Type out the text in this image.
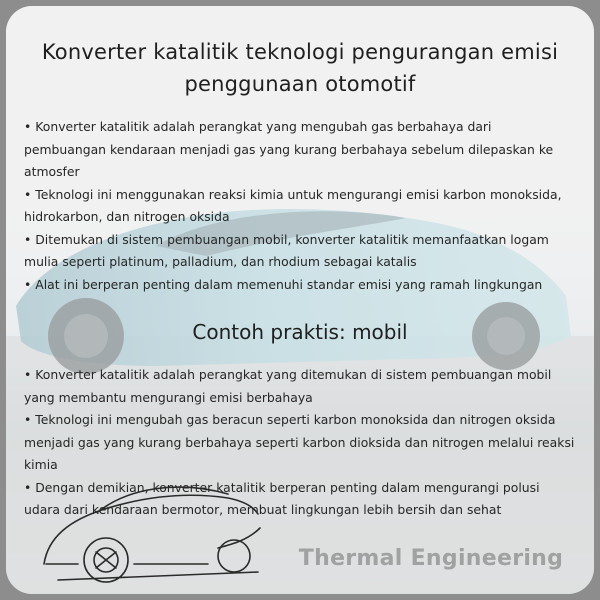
Konverter katalitik teknologi pengurangan emisi penggunaan otomotif
• Konverter katalitik adalah perangkat yang mengubah gas berbahaya dari pembuangan kendaraan menjadi gas yang kurang berbahaya sebelum dilepaskan ke atmosfer
• Teknologi ini menggunakan reaksi kimia untuk mengurangi emisi karbon monoksida, hidrokarbon, dan nitrogen oksida
• Ditemukan di sistem pembuangan mobil, konverter katalitik memanfaatkan logam mulia seperti platinum, palladium, dan rhodium sebagai katalis
• Alat ini berperan penting dalam memenuhi standar emisi yang ramah lingkungan
Contoh praktis: mobil
• Konverter katalitik adalah perangkat yang ditemukan di sistem pembuangan mobil yang membantu mengurangi emisi berbahaya
• Teknologi ini mengubah gas beracun seperti karbon monoksida dan nitrogen oksida menjadi gas yang kurang berbahaya seperti karbon dioksida dan nitrogen melalui reaksi kimia
• Dengan demikian, konverter katalitik berperan penting dalam mengurangi polusi udara dari kendaraan bermotor, membuat lingkungan lebih bersih dan sehat
Thermal Engineering
